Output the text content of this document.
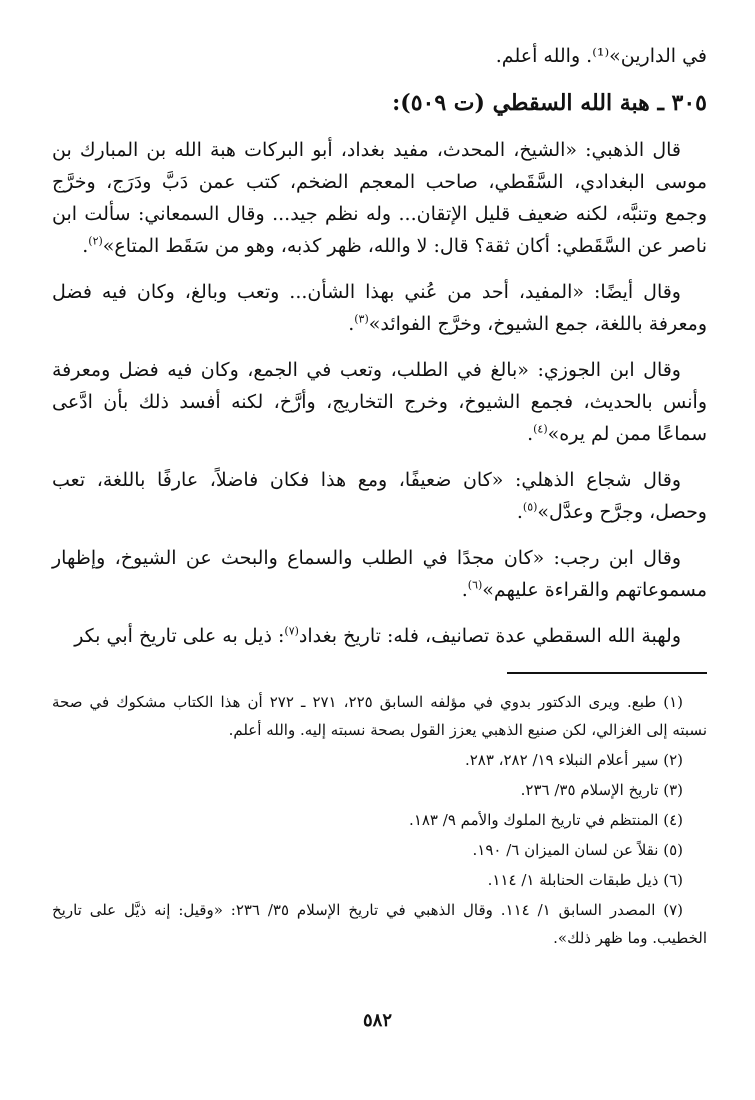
في الدارين»⁽¹⁾. والله أعلم.

٣٠٥ ـ هبة الله السقطي (ت ٥٠٩):

قال الذهبي: «الشيخ، المحدث، مفيد بغداد، أبو البركات هبة الله بن المبارك بن موسى البغدادي، السَّقَطي، صاحب المعجم الضخم، كتب عمن دَبَّ ودَرَج، وخرَّج وجمع وتنبَّه، لكنه ضعيف قليل الإتقان... وله نظم جيد... وقال السمعاني: سألت ابن ناصر عن السَّقَطي: أكان ثقة؟ قال: لا والله، ظهر كذبه، وهو من سَقَط المتاع»$^{(٢)}$.

وقال أيضًا: «المفيد، أحد من عُني بهذا الشأن... وتعب وبالغ، وكان فيه فضل ومعرفة باللغة، جمع الشيوخ، وخرَّج الفوائد»$^{(٣)}$.

وقال ابن الجوزي: «بالغ في الطلب، وتعب في الجمع، وكان فيه فضل ومعرفة وأنس بالحديث، فجمع الشيوخ، وخرج التخاريج، وأرَّخ، لكنه أفسد ذلك بأن ادَّعى سماعًا ممن لم يره»$^{(٤)}$.

وقال شجاع الذهلي: «كان ضعيفًا، ومع هذا فكان فاضلاً، عارفًا باللغة، تعب وحصل، وجرَّح وعدَّل»$^{(٥)}$.

وقال ابن رجب: «كان مجدًا في الطلب والسماع والبحث عن الشيوخ، وإظهار مسموعاتهم والقراءة عليهم»$^{(٦)}$.

ولهبة الله السقطي عدة تصانيف، فله: تاريخ بغداد$^{(٧)}$: ذيل به على تاريخ أبي بكر

(١) طبع. ويرى الدكتور بدوي في مؤلفه السابق ٢٢٥، ٢٧١ ـ ٢٧٢ أن هذا الكتاب مشكوك في صحة نسبته إلى الغزالي، لكن صنيع الذهبي يعزز القول بصحة نسبته إليه. والله أعلم.

(٢) سير أعلام النبلاء ١٩/ ٢٨٢، ٢٨٣.

(٣) تاريخ الإسلام ٣٥/ ٢٣٦.

(٤) المنتظم في تاريخ الملوك والأمم ٩/ ١٨٣.

(٥) نقلاً عن لسان الميزان ٦/ ١٩٠.

(٦) ذيل طبقات الحنابلة ١/ ١١٤.

(٧) المصدر السابق ١/ ١١٤. وقال الذهبي في تاريخ الإسلام ٣٥/ ٢٣٦: «وقيل: إنه ذيَّل على تاريخ الخطيب. وما ظهر ذلك».

٥٨٢
